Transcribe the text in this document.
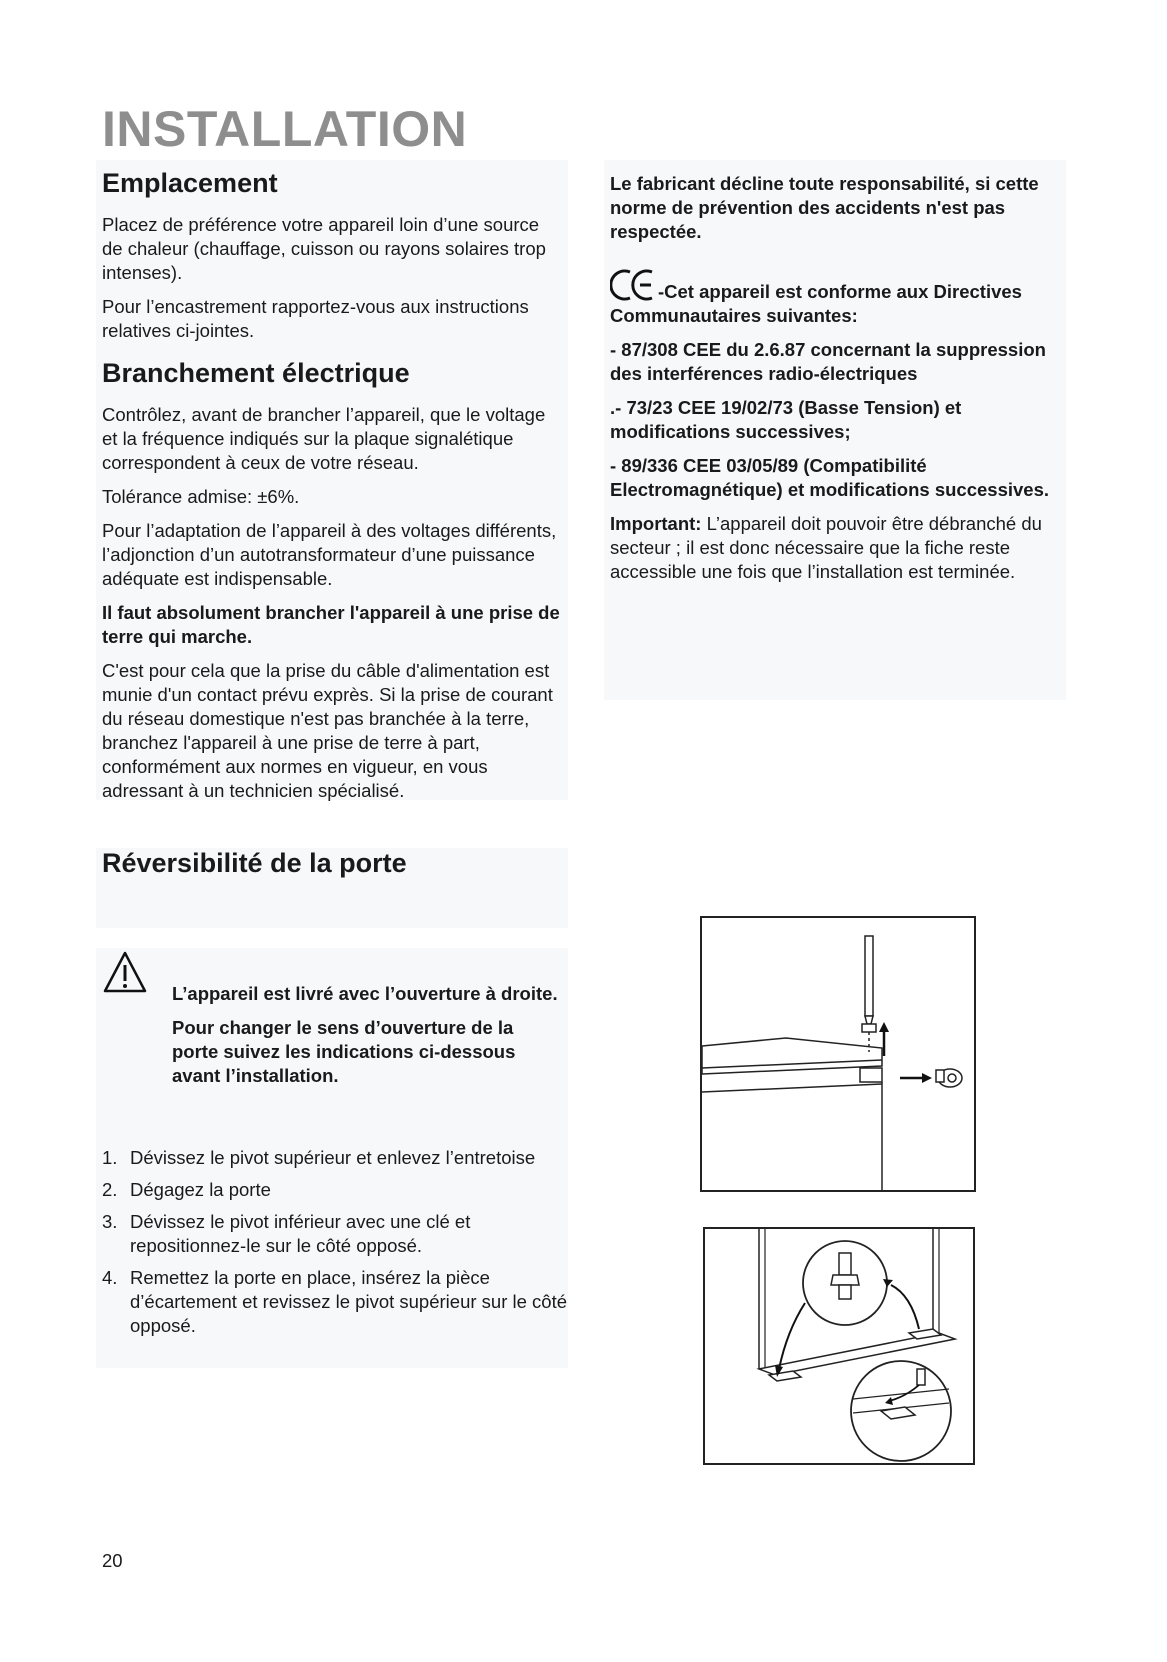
INSTALLATION
Emplacement

Placez de préférence votre appareil loin d’une source de chaleur (chauffage, cuisson ou rayons solaires trop intenses).

Pour l’encastrement rapportez-vous aux instructions relatives ci-jointes.

Branchement électrique

Contrôlez, avant de brancher l’appareil, que le voltage et la fréquence indiqués sur la plaque signalétique correspondent à ceux de votre réseau.

Tolérance admise: ±6%.

Pour l’adaptation de l’appareil à des voltages différents, l’adjonction d’un autotransformateur d’une puissance adéquate est indispensable.

Il faut absolument brancher l'appareil à une prise de terre qui marche.

C'est pour cela que la prise du câble d'alimentation est munie d'un contact prévu exprès. Si la prise de courant du réseau domestique n'est pas branchée à la terre, branchez l'appareil à une prise de terre à part, conformément aux normes en vigueur, en vous adressant à un technicien spécialisé.

Le fabricant décline toute responsabilité, si cette norme de prévention des accidents n'est pas respectée.

-Cet appareil est conforme aux Directives Communautaires suivantes:

- 87/308 CEE du 2.6.87 concernant la suppression des interférences radio-électriques

.- 73/23 CEE 19/02/73 (Basse Tension) et modifications successives;

- 89/336 CEE 03/05/89 (Compatibilité Electromagnétique) et modifications successives.

Important: L’appareil doit pouvoir être débranché du secteur ; il est donc nécessaire que la fiche reste accessible une fois que l’installation est terminée.

Réversibilité de la porte

L’appareil est livré avec l’ouverture à droite.

Pour changer le sens d’ouverture de la porte suivez les indications ci-dessous avant l’installation.

1. Dévissez le pivot supérieur et enlevez l’entretoise
2. Dégagez la porte
3. Dévissez le pivot inférieur avec une clé et repositionnez-le sur le côté opposé.
4. Remettez la porte en place, insérez la pièce d’écartement et revissez le pivot supérieur sur le côté opposé.
20
